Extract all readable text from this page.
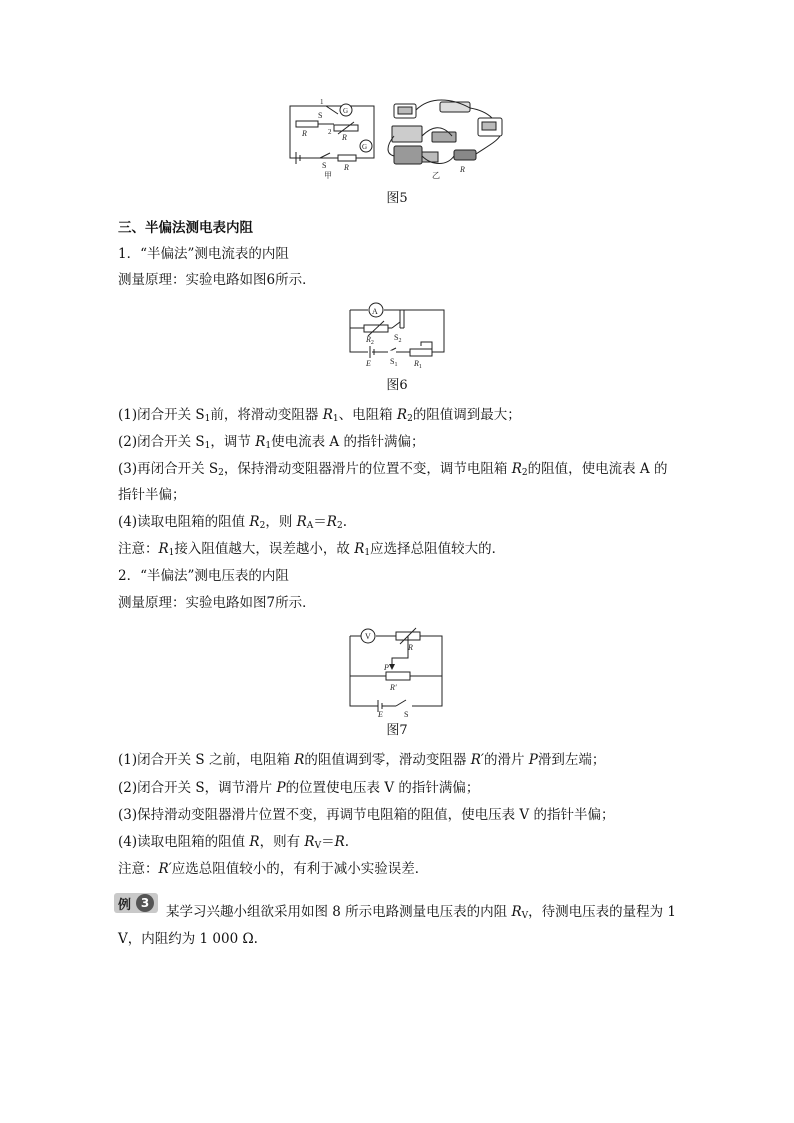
S
1
2
G
G
R	R
S R
甲	乙
R
图5
三、半偏法测电表内阻
1．“半偏法”测电流表的内阻
测量原理：实验电路如图6所示．
A
$R_2$
$S_2$
E $S_1$ $R_1$
图6
(1)闭合开关 $S_1$前，将滑动变阻器 $R_1$、电阻箱 $R_2$的阻值调到最大；
(2)闭合开关 $S_1$，调节 $R_1$使电流表 A 的指针满偏；
(3)再闭合开关 $S_2$，保持滑动变阻器滑片的位置不变，调节电阻箱 $R_2$的阻值，使电流表 A 的
指针半偏；
(4)读取电阻箱的阻值 $R_2$，则 $R_A=R_2$.
注意：$R_1$接入阻值越大，误差越小，故 $R_1$应选择总阻值较大的．
2．“半偏法”测电压表的内阻
测量原理：实验电路如图7所示．
V
R
P
R′
E	S
图7
(1)闭合开关 S 之前，电阻箱 R的阻值调到零，滑动变阻器 R′的滑片 P滑到左端；
(2)闭合开关 S，调节滑片 P的位置使电压表 V 的指针满偏；
(3)保持滑动变阻器滑片位置不变，再调节电阻箱的阻值，使电压表 V 的指针半偏；
(4)读取电阻箱的阻值 R，则有 $R_V=R$.
注意：R′应选总阻值较小的，有利于减小实验误差．
例 3
某学习兴趣小组欲采用如图 8 所示电路测量电压表的内阻 $R_V$，待测电压表的量程为 1
V，内阻约为 1 000 Ω.
